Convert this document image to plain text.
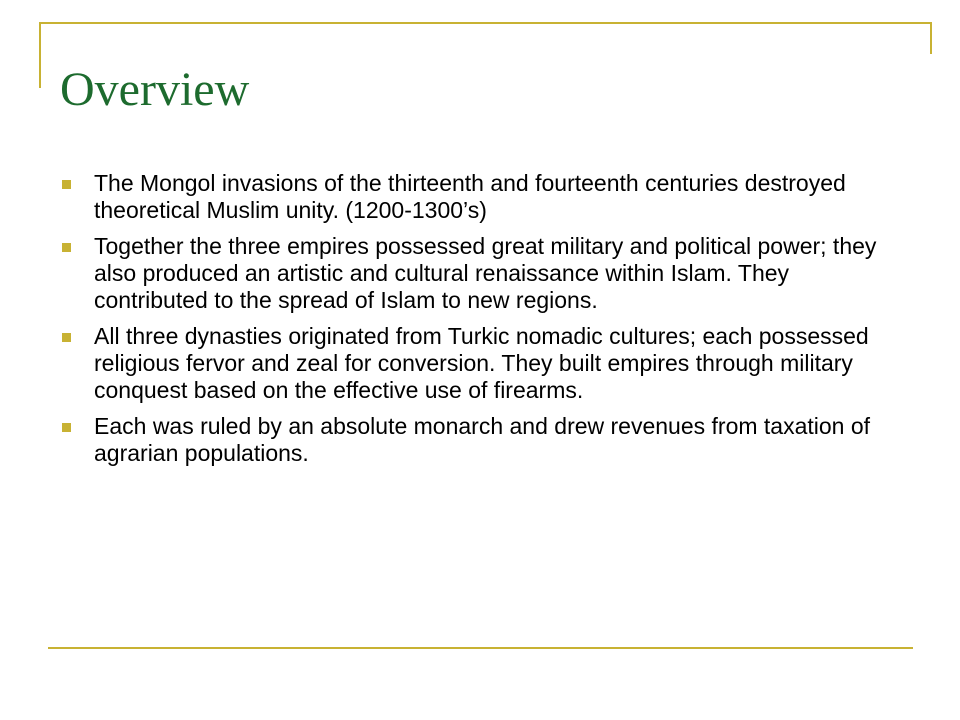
Overview
The Mongol invasions of the thirteenth and fourteenth centuries destroyed theoretical Muslim unity. (1200-1300’s)
Together the three empires possessed great military and political power; they also produced an artistic and cultural renaissance within Islam. They contributed to the spread of Islam to new regions.
All three dynasties originated from Turkic nomadic cultures; each possessed religious fervor and zeal for conversion. They built empires through military conquest based on the effective use of firearms.
Each was ruled by an absolute monarch and drew revenues from taxation of agrarian populations.
